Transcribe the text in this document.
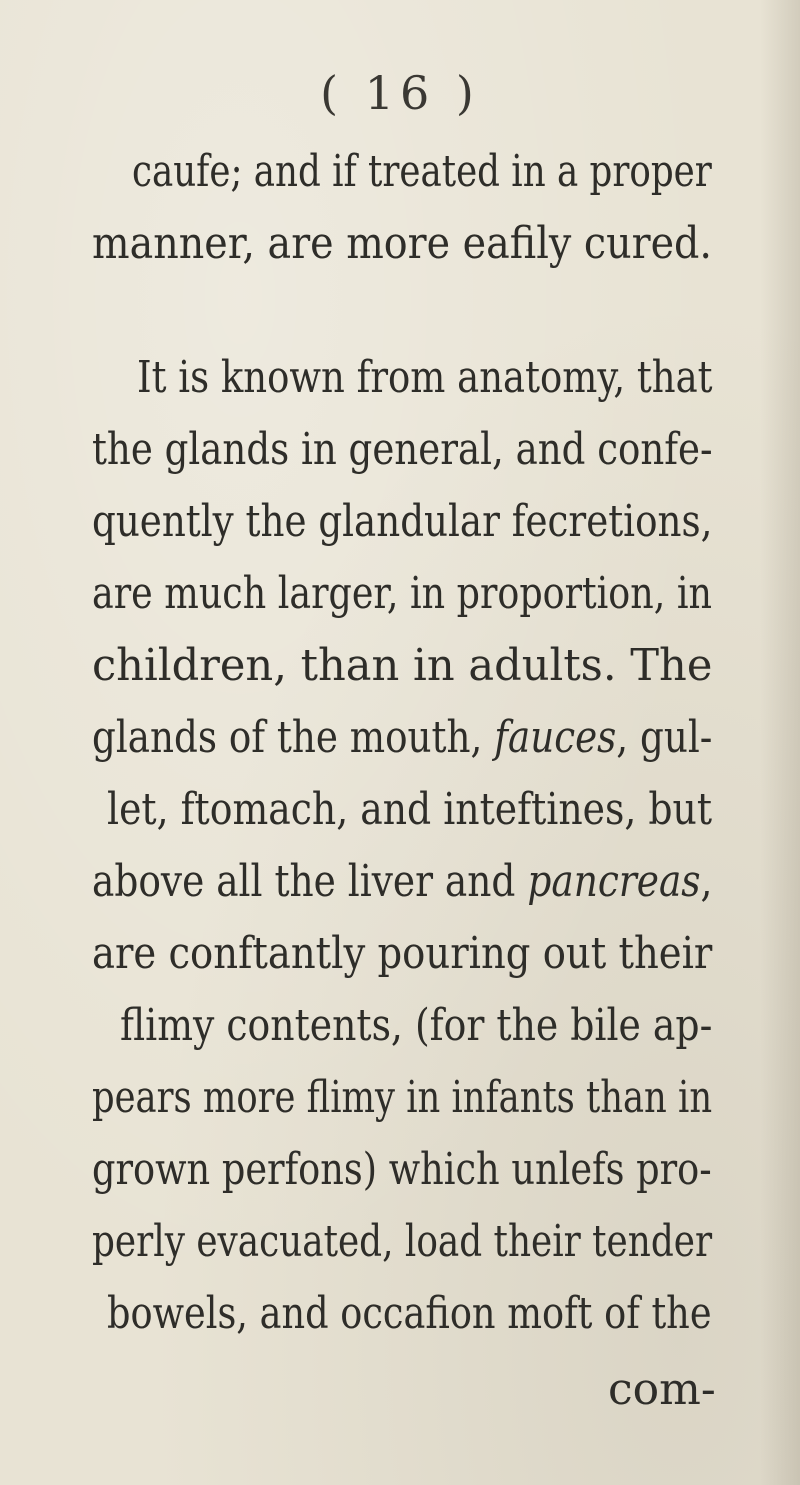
( 16 )
caufe; and if treated in a proper
manner, are more eafily cured.
It is known from anatomy, that
the glands in general, and confe-
quently the glandular fecretions,
are much larger, in proportion, in
children, than in adults. The
glands of the mouth, fauces, gul-
let, ftomach, and inteftines, but
above all the liver and pancreas,
are conftantly pouring out their
flimy contents, (for the bile ap-
pears more flimy in infants than in
grown perfons) which unlefs pro-
perly evacuated, load their tender
bowels, and occafion moft of the
com-
